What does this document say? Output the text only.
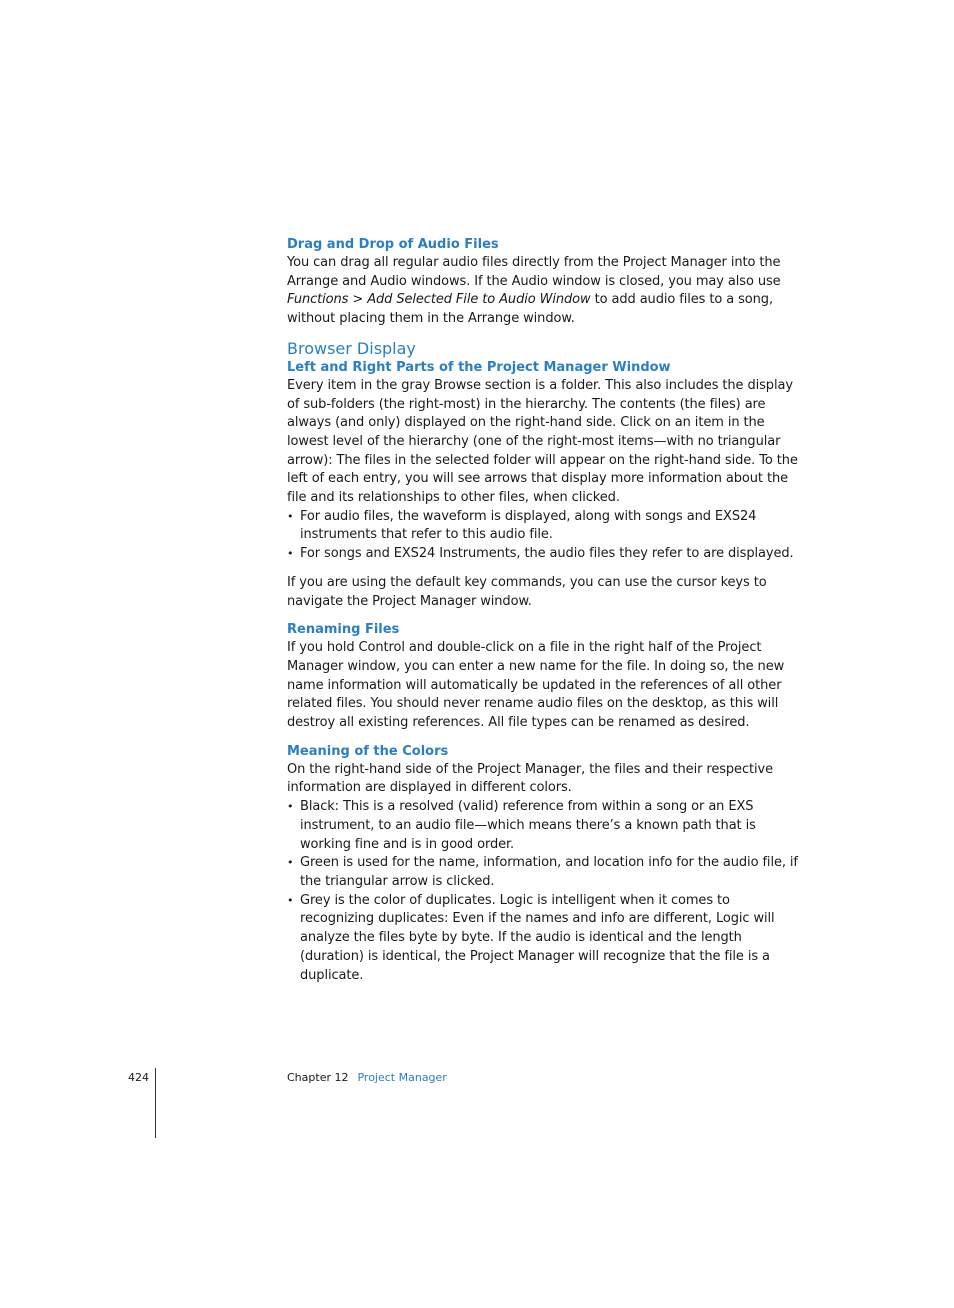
Drag and Drop of Audio Files

You can drag all regular audio files directly from the Project Manager into the Arrange and Audio windows. If the Audio window is closed, you may also use Functions > Add Selected File to Audio Window to add audio files to a song, without placing them in the Arrange window.

Browser Display
Left and Right Parts of the Project Manager Window

Every item in the gray Browse section is a folder. This also includes the display of sub-folders (the right-most) in the hierarchy. The contents (the files) are always (and only) displayed on the right-hand side. Click on an item in the lowest level of the hierarchy (one of the right-most items—with no triangular arrow): The files in the selected folder will appear on the right-hand side. To the left of each entry, you will see arrows that display more information about the file and its relationships to other files, when clicked.

• For audio files, the waveform is displayed, along with songs and EXS24 instruments that refer to this audio file.
• For songs and EXS24 Instruments, the audio files they refer to are displayed.

If you are using the default key commands, you can use the cursor keys to navigate the Project Manager window.

Renaming Files

If you hold Control and double-click on a file in the right half of the Project Manager window, you can enter a new name for the file. In doing so, the new name information will automatically be updated in the references of all other related files. You should never rename audio files on the desktop, as this will destroy all existing references. All file types can be renamed as desired.

Meaning of the Colors

On the right-hand side of the Project Manager, the files and their respective information are displayed in different colors.

• Black: This is a resolved (valid) reference from within a song or an EXS instrument, to an audio file—which means there’s a known path that is working fine and is in good order.
• Green is used for the name, information, and location info for the audio file, if the triangular arrow is clicked.
• Grey is the color of duplicates. Logic is intelligent when it comes to recognizing duplicates: Even if the names and info are different, Logic will analyze the files byte by byte. If the audio is identical and the length (duration) is identical, the Project Manager will recognize that the file is a duplicate.
424	Chapter 12 Project Manager
